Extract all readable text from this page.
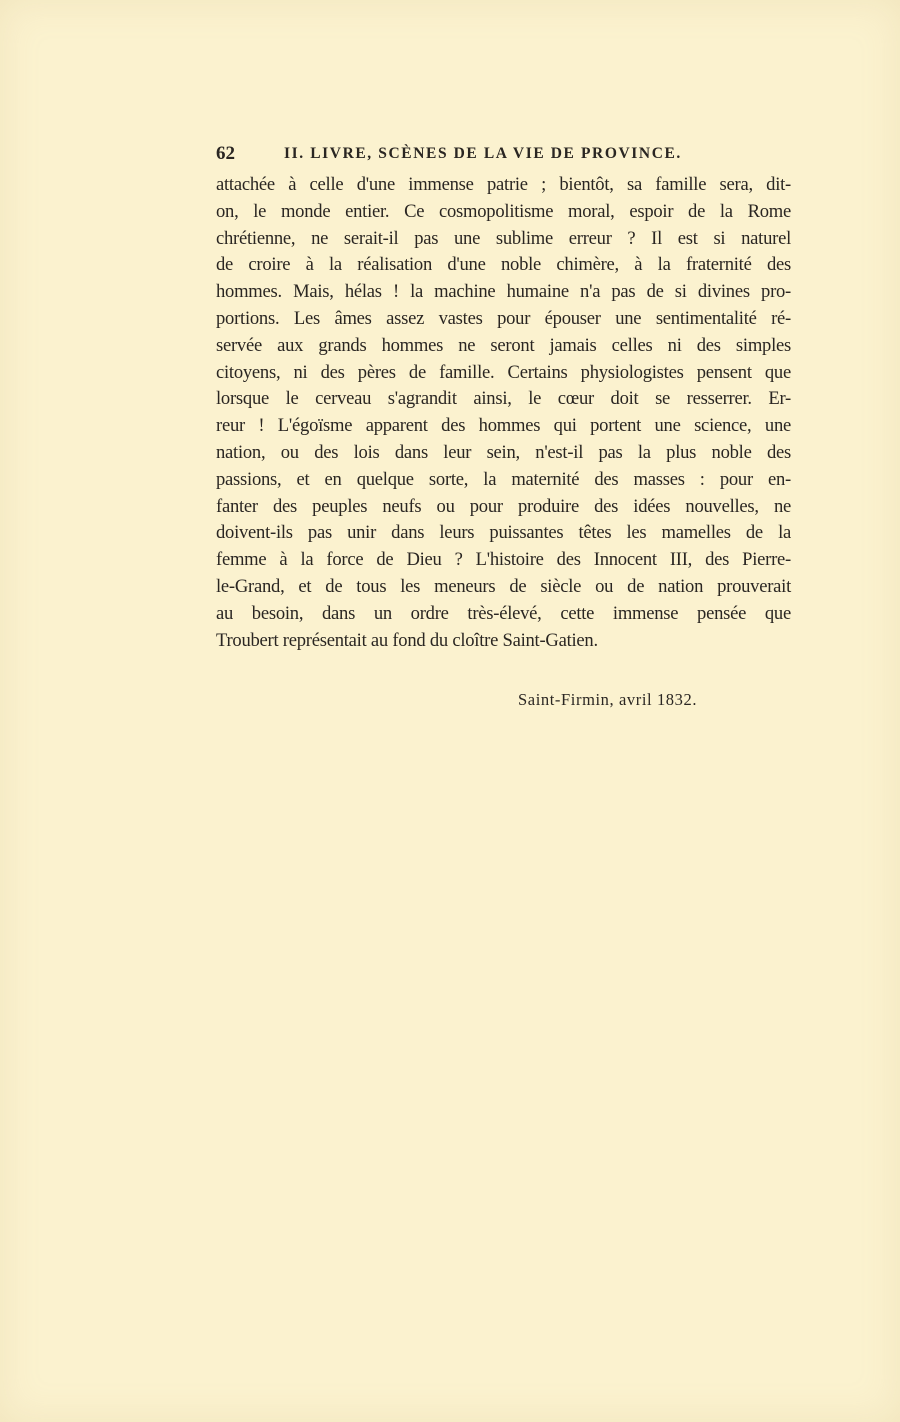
62	II. LIVRE, SCÈNES DE LA VIE DE PROVINCE.
attachée à celle d'une immense patrie ; bientôt, sa famille sera, dit-
on, le monde entier. Ce cosmopolitisme moral, espoir de la Rome
chrétienne, ne serait-il pas une sublime erreur ? Il est si naturel
de croire à la réalisation d'une noble chimère, à la fraternité des
hommes. Mais, hélas ! la machine humaine n'a pas de si divines pro-
portions. Les âmes assez vastes pour épouser une sentimentalité ré-
servée aux grands hommes ne seront jamais celles ni des simples
citoyens, ni des pères de famille. Certains physiologistes pensent que
lorsque le cerveau s'agrandit ainsi, le cœur doit se resserrer. Er-
reur ! L'égoïsme apparent des hommes qui portent une science, une
nation, ou des lois dans leur sein, n'est-il pas la plus noble des
passions, et en quelque sorte, la maternité des masses : pour en-
fanter des peuples neufs ou pour produire des idées nouvelles, ne
doivent-ils pas unir dans leurs puissantes têtes les mamelles de la
femme à la force de Dieu ? L'histoire des Innocent III, des Pierre-
le-Grand, et de tous les meneurs de siècle ou de nation prouverait
au besoin, dans un ordre très-élevé, cette immense pensée que
Troubert représentait au fond du cloître Saint-Gatien.
Saint-Firmin, avril 1832.
